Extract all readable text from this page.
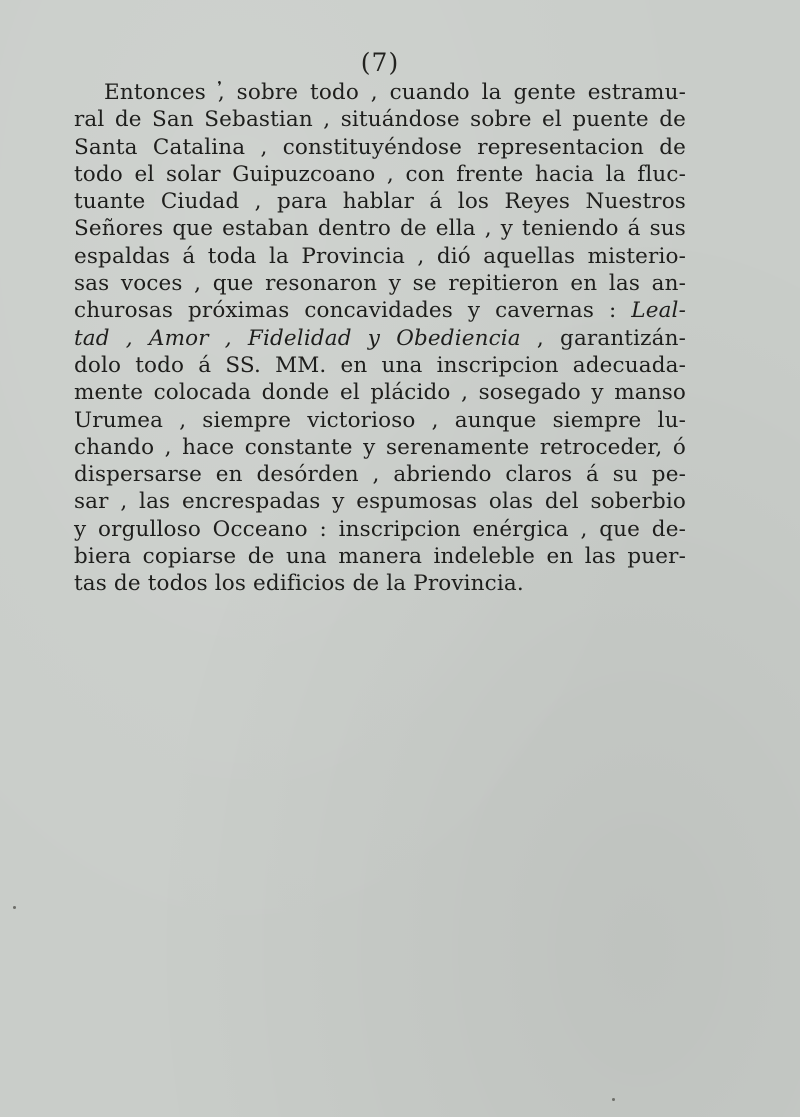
(7)
Entonces ,̓ sobre todo , cuando la gente estramu-
ral de San Sebastian , situándose sobre el puente de
Santa Catalina , constituyéndose representacion de
todo el solar Guipuzcoano , con frente hacia la fluc-
tuante Ciudad , para hablar á los Reyes Nuestros
Señores que estaban dentro de ella , y teniendo á sus
espaldas á toda la Provincia , dió aquellas misterio-
sas voces , que resonaron y se repitieron en las an-
churosas próximas concavidades y cavernas : Leal-
tad , Amor , Fidelidad y Obediencia , garantizán-
dolo todo á SS. MM. en una inscripcion adecuada-
mente colocada donde el plácido , sosegado y manso
Urumea , siempre victorioso , aunque siempre lu-
chando , hace constante y serenamente retroceder, ó
dispersarse en desórden , abriendo claros á su pe-
sar , las encrespadas y espumosas olas del soberbio
y orgulloso Occeano : inscripcion enérgica , que de-
biera copiarse de una manera indeleble en las puer-
tas de todos los edificios de la Provincia.
